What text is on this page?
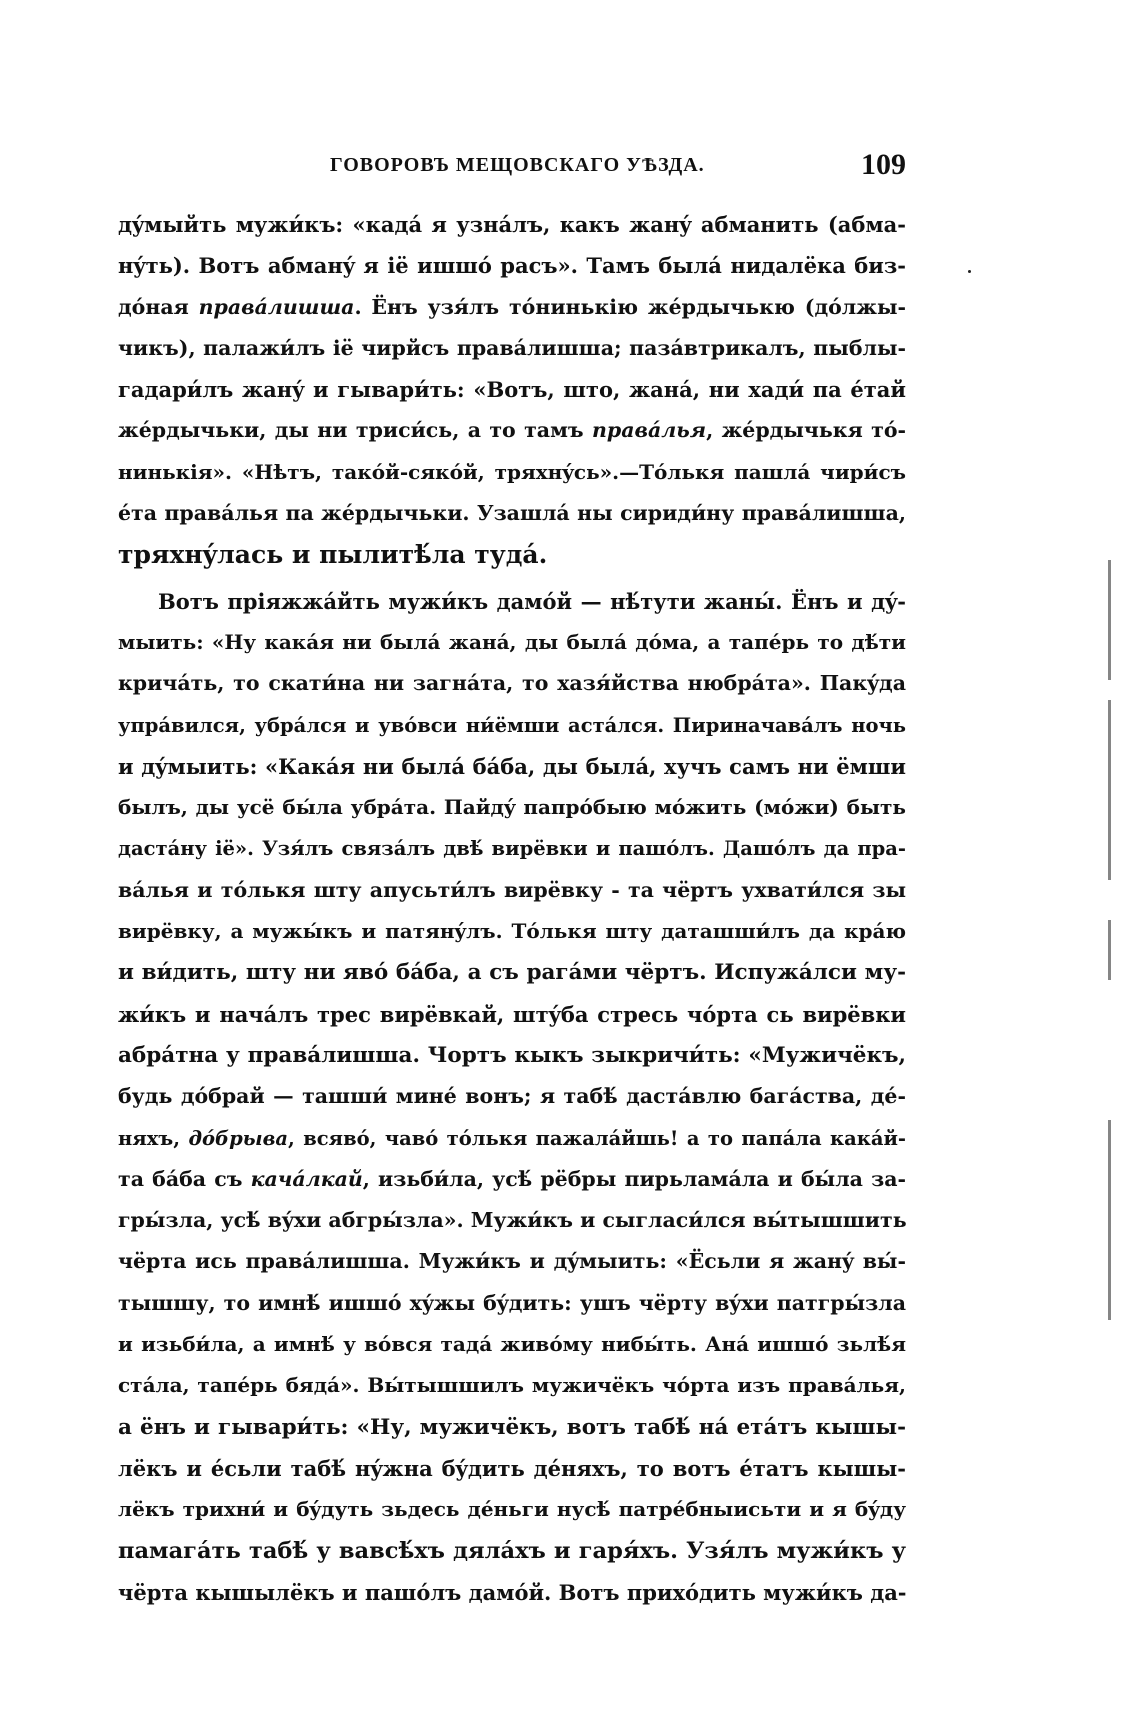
ГОВОРОВЪ МЕЩОВСКАГО УѢЗДА.	109
дýмыйть мужи́къ: «кадá я узнáлъ, какъ жанý абманить (абма-
нýть). Вотъ абманý я іё ишшó расъ». Тамъ былá нидалёка биз-
дóная правáлишша. Ёнъ узя́лъ тóнинькію жéрдычькю (дóлжы-
чикъ), палажи́лъ іё чирйсъ правáлишша; пазáвтрикалъ, пыблы-
гадари́лъ жанý и гывари́ть: «Вотъ, што, жанá, ни хади́ па éтай
жéрдычьки, ды ни триси́сь, а то тамъ правáлья, жéрдычькя тó-
нинькія». «Нѣтъ, такóй-сякóй, тряхнýсь».—Тóлькя пашлá чири́съ
éта правáлья па жéрдычьки. Узашлá ны сириди́ну правáлишша,
тряхнýлась и пылитѣ́ла тудá.
Вотъ пріяжжáйть мужи́къ дамóй — нѣ́тути жаны́. Ёнъ и дý-
мыить: «Ну какáя ни былá жанá, ды былá дóма, а тапéрь то дѣ́ти
кричáть, то скати́на ни загнáта, то хазя́йства нюбрáта». Пакýда
упрáвился, убрáлся и увóвси ни́ёмши астáлся. Пириначавáлъ ночь
и дýмыить: «Какáя ни былá бáба, ды былá, хучъ самъ ни ёмши
былъ, ды усё бы́ла убрáта. Пайдý папрóбыю мóжить (мóжи) быть
дастáну іё». Узя́лъ связáлъ двѣ́ вирёвки и пашóлъ. Дашóлъ да пра-
вáлья и тóлькя шту апусьти́лъ вирёвку - та чёртъ ухвати́лся зы
вирёвку, а мужы́къ и патянýлъ. Тóлькя шту даташши́лъ да крáю
и ви́дить, шту ни явó бáба, а съ рагáми чёртъ. Испужáлси му-
жи́къ и начáлъ трес вирёвкай, штýба стресь чóрта сь вирёвки
абрáтна у правáлишша. Чортъ кыкъ зыкричи́ть: «Мужичёкъ,
будь дóбрай — ташши́ минé вонъ; я табѣ́ дастáвлю багáства, дé-
няхъ, дóбрыва, всявó, чавó тóлькя пажалáйшь! а то папáла какáй-
та бáба съ качáлкай, изьби́ла, усѣ́ рёбры пирьламáла и бы́ла за-
гры́зла, усѣ́ вýхи абгры́зла». Мужи́къ и сыгласи́лся вы́тышшить
чёрта ись правáлишша. Мужи́къ и дýмыить: «Ёсьли я жанý вы́-
тышшу, то имнѣ́ ишшó хýжы бýдить: ушъ чёрту вýхи патгры́зла
и изьби́ла, а имнѣ́ у вóвся тадá живóму нибы́ть. Анá ишшó зьлѣ́я
стáла, тапéрь бядá». Вы́тышшилъ мужичёкъ чóрта изъ правáлья,
а ёнъ и гывари́ть: «Ну, мужичёкъ, вотъ табѣ́ нá етáтъ кышы-
лёкъ и éсьли табѣ́ нýжна бýдить дéняхъ, то вотъ éтатъ кышы-
лёкъ трихни́ и бýдуть зьдесь дéньги нусѣ́ патрéбныисьти и я бýду
памагáть табѣ́ у вавсѣ́хъ дялáхъ и гаря́хъ. Узя́лъ мужи́къ у
чёрта кышылёкъ и пашóлъ дамóй. Вотъ прихóдить мужи́къ да-
